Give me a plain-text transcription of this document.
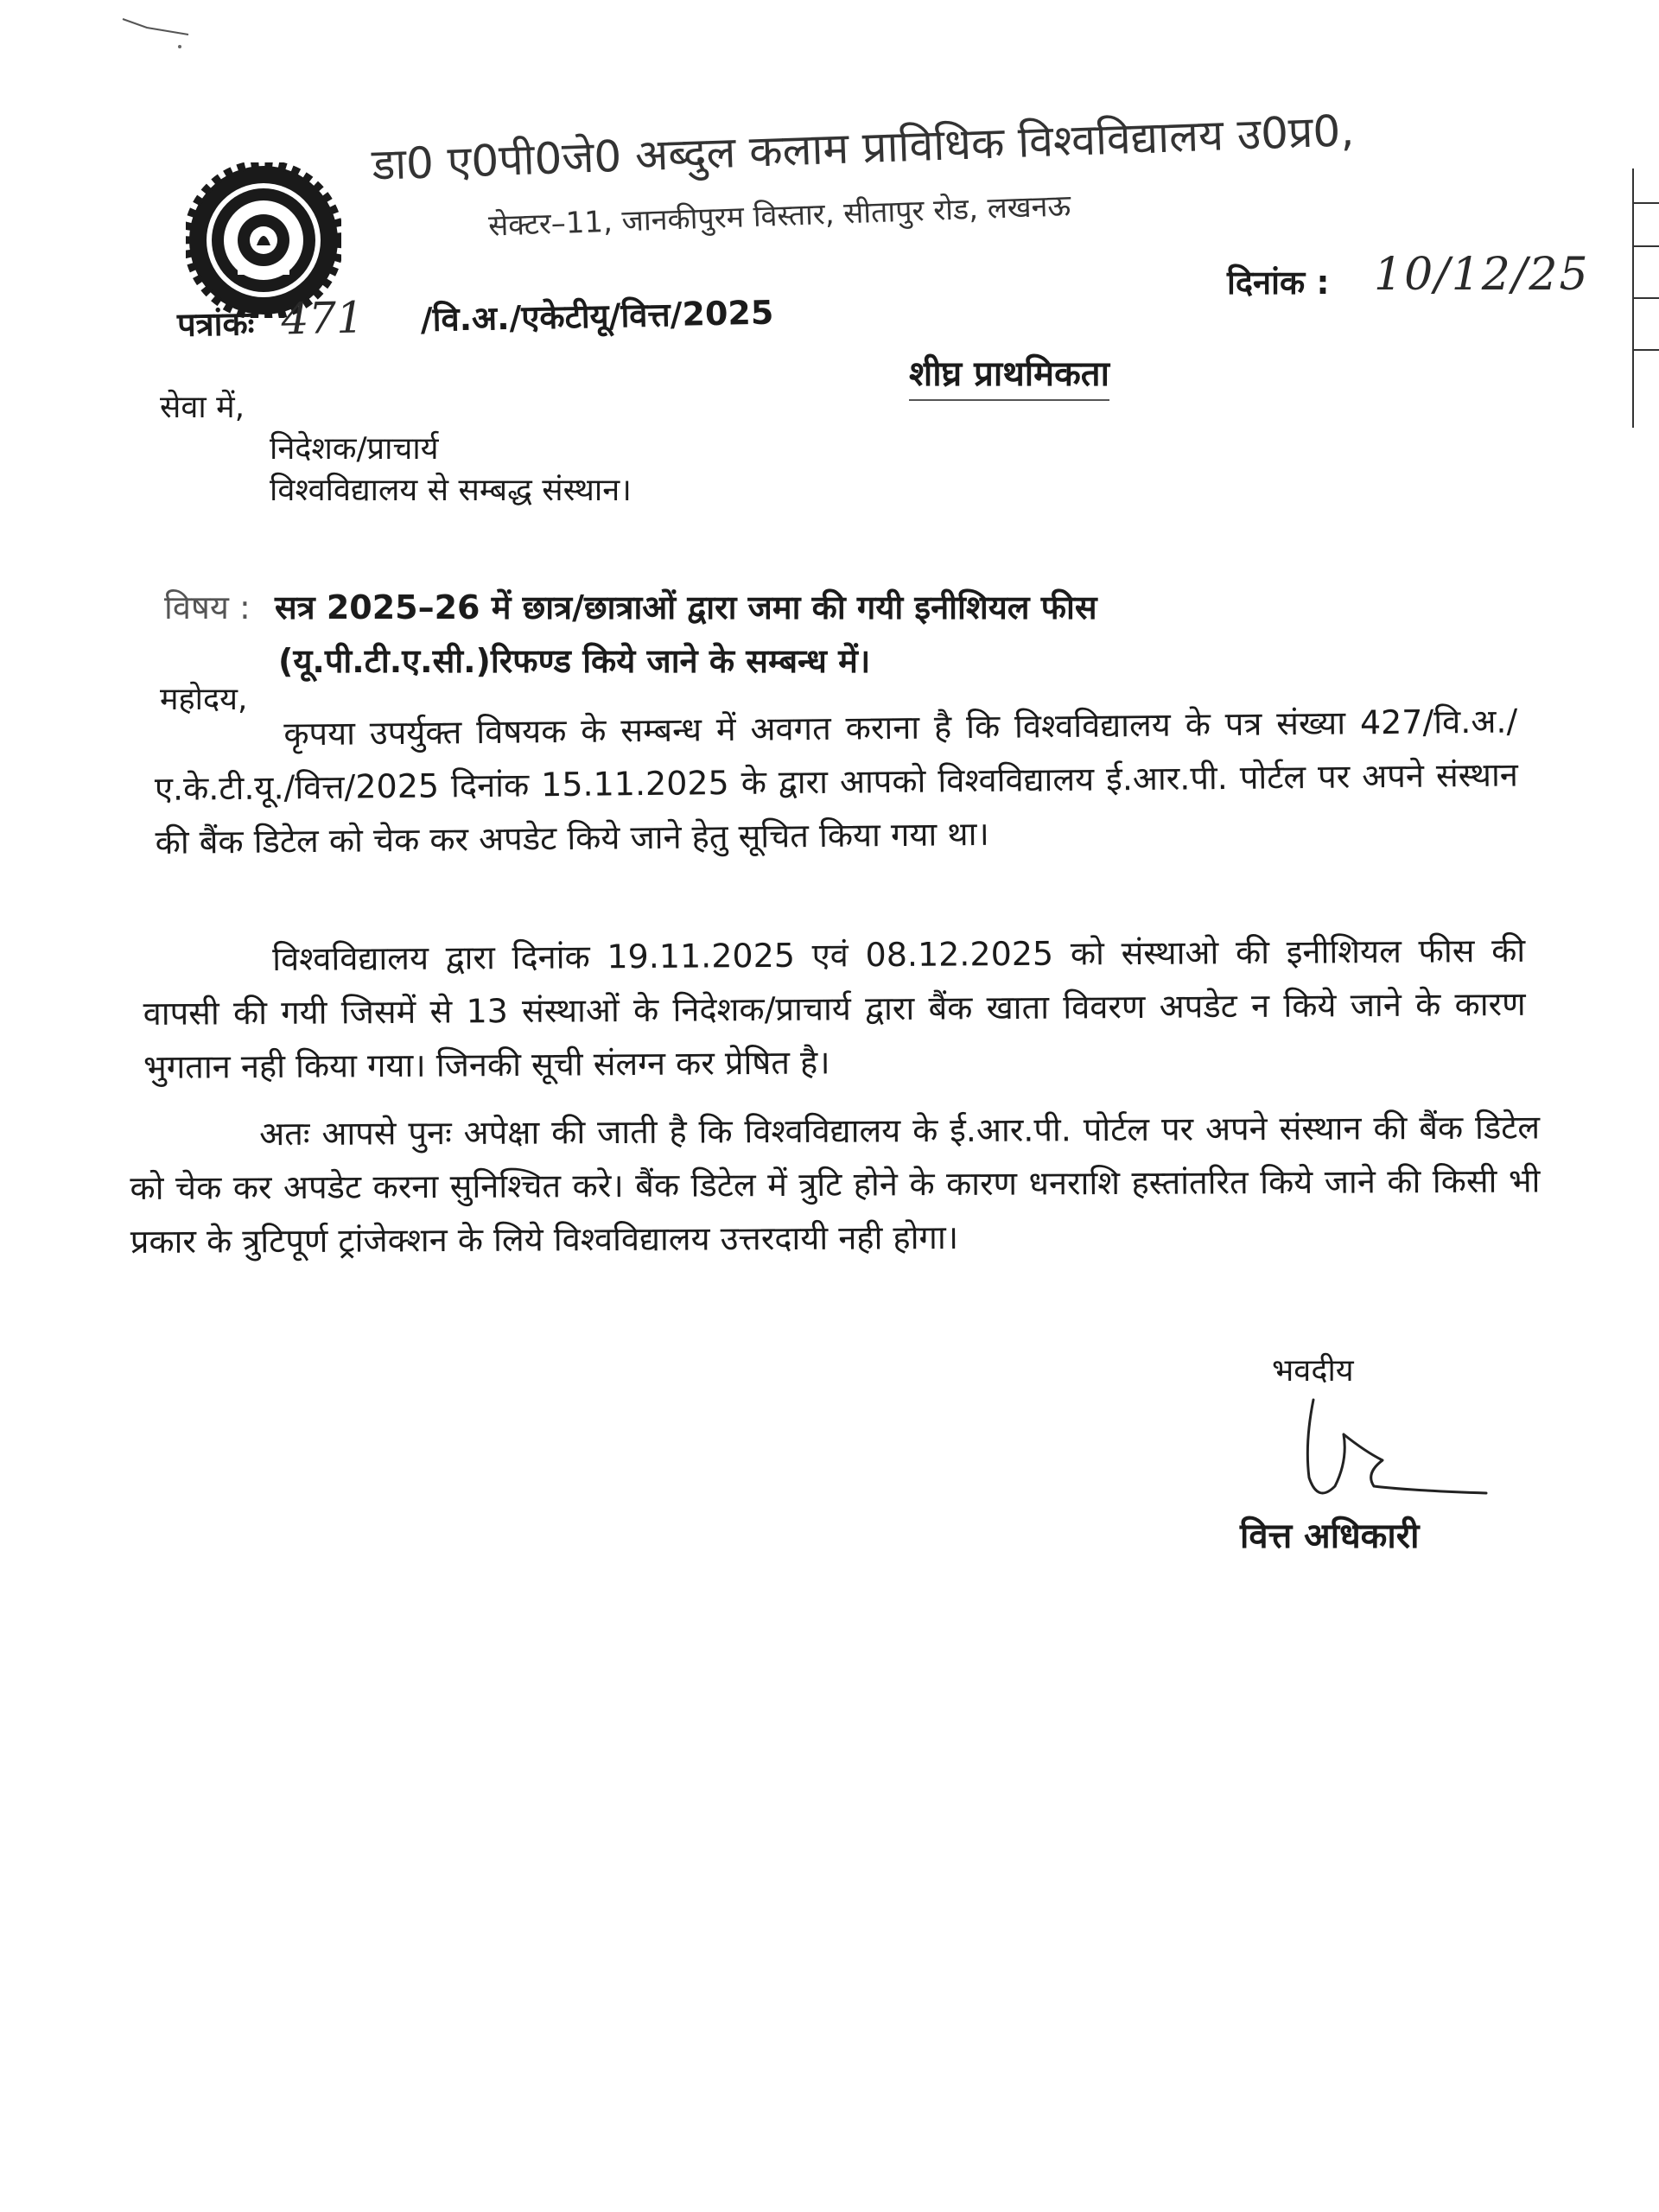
डा0 ए0पी0जे0 अब्दुल कलाम प्राविधिक विश्वविद्यालय उ0प्र0,
सेक्टर–11, जानकीपुरम विस्तार, सीतापुर रोड, लखनऊ
दिनांक : 10/12/25
पत्रांकः 471 /वि.अ./एकेटीयू/वित्त/2025
शीघ्र प्राथमिकता
सेवा में,
निदेशक/प्राचार्य
विश्वविद्यालय से सम्बद्ध संस्थान।
विषय : सत्र 2025–26 में छात्र/छात्राओं द्वारा जमा की गयी इनीशियल फीस
(यू.पी.टी.ए.सी.)रिफण्ड किये जाने के सम्बन्ध में।
महोदय,
कृपया उपर्युक्त विषयक के सम्बन्ध में अवगत कराना है कि विश्वविद्यालय के पत्र संख्या 427/वि.अ./ए.के.टी.यू./वित्त/2025 दिनांक 15.11.2025 के द्वारा आपको विश्वविद्यालय ई.आर.पी. पोर्टल पर अपने संस्थान की बैंक डिटेल को चेक कर अपडेट किये जाने हेतु सूचित किया गया था।
विश्वविद्यालय द्वारा दिनांक 19.11.2025 एवं 08.12.2025 को संस्थाओ की इनीशियल फीस की वापसी की गयी जिसमें से 13 संस्थाओं के निदेशक/प्राचार्य द्वारा बैंक खाता विवरण अपडेट न किये जाने के कारण भुगतान नही किया गया। जिनकी सूची संलग्न कर प्रेषित है।
अतः आपसे पुनः अपेक्षा की जाती है कि विश्वविद्यालय के ई.आर.पी. पोर्टल पर अपने संस्थान की बैंक डिटेल को चेक कर अपडेट करना सुनिश्चित करे। बैंक डिटेल में त्रुटि होने के कारण धनराशि हस्तांतरित किये जाने की किसी भी प्रकार के त्रुटिपूर्ण ट्रांजेक्शन के लिये विश्वविद्यालय उत्तरदायी नही होगा।
भवदीय
वित्त अधिकारी
